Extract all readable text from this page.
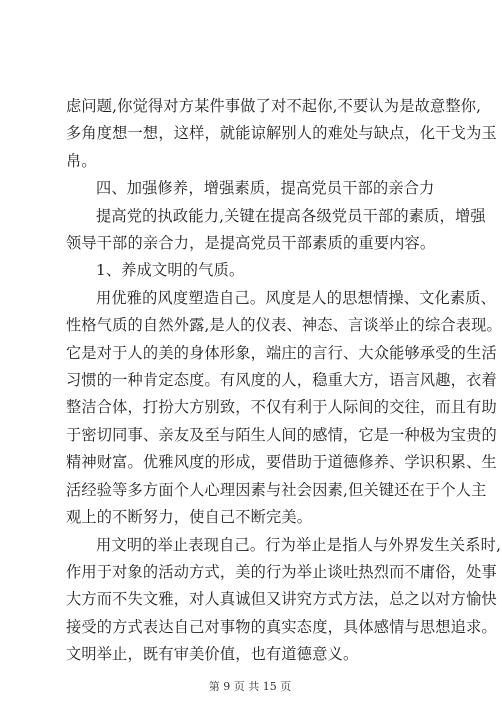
虑问题,你觉得对方某件事做了对不起你,不要认为是故意整你,
多角度想一想，这样，就能谅解别人的难处与缺点，化干戈为玉
帛。
四、加强修养，增强素质，提高党员干部的亲合力
提高党的执政能力,关键在提高各级党员干部的素质，增强
领导干部的亲合力，是提高党员干部素质的重要内容。
1、养成文明的气质。
用优雅的风度塑造自己。风度是人的思想情操、文化素质、
性格气质的自然外露,是人的仪表、神态、言谈举止的综合表现。
它是对于人的美的身体形象，端庄的言行、大众能够承受的生活
习惯的一种肯定态度。有风度的人，稳重大方，语言风趣，衣着
整洁合体，打扮大方别致，不仅有利于人际间的交往，而且有助
于密切同事、亲友及至与陌生人间的感情，它是一种极为宝贵的
精神财富。优雅风度的形成，要借助于道德修养、学识积累、生
活经验等多方面个人心理因素与社会因素,但关键还在于个人主
观上的不断努力，使自己不断完美。
用文明的举止表现自己。行为举止是指人与外界发生关系时,
作用于对象的活动方式，美的行为举止谈吐热烈而不庸俗，处事
大方而不失文雅，对人真诚但又讲究方式方法，总之以对方愉快
接受的方式表达自己对事物的真实态度，具体感情与思想追求。
文明举止，既有审美价值，也有道德意义。
第 9 页 共 15 页
